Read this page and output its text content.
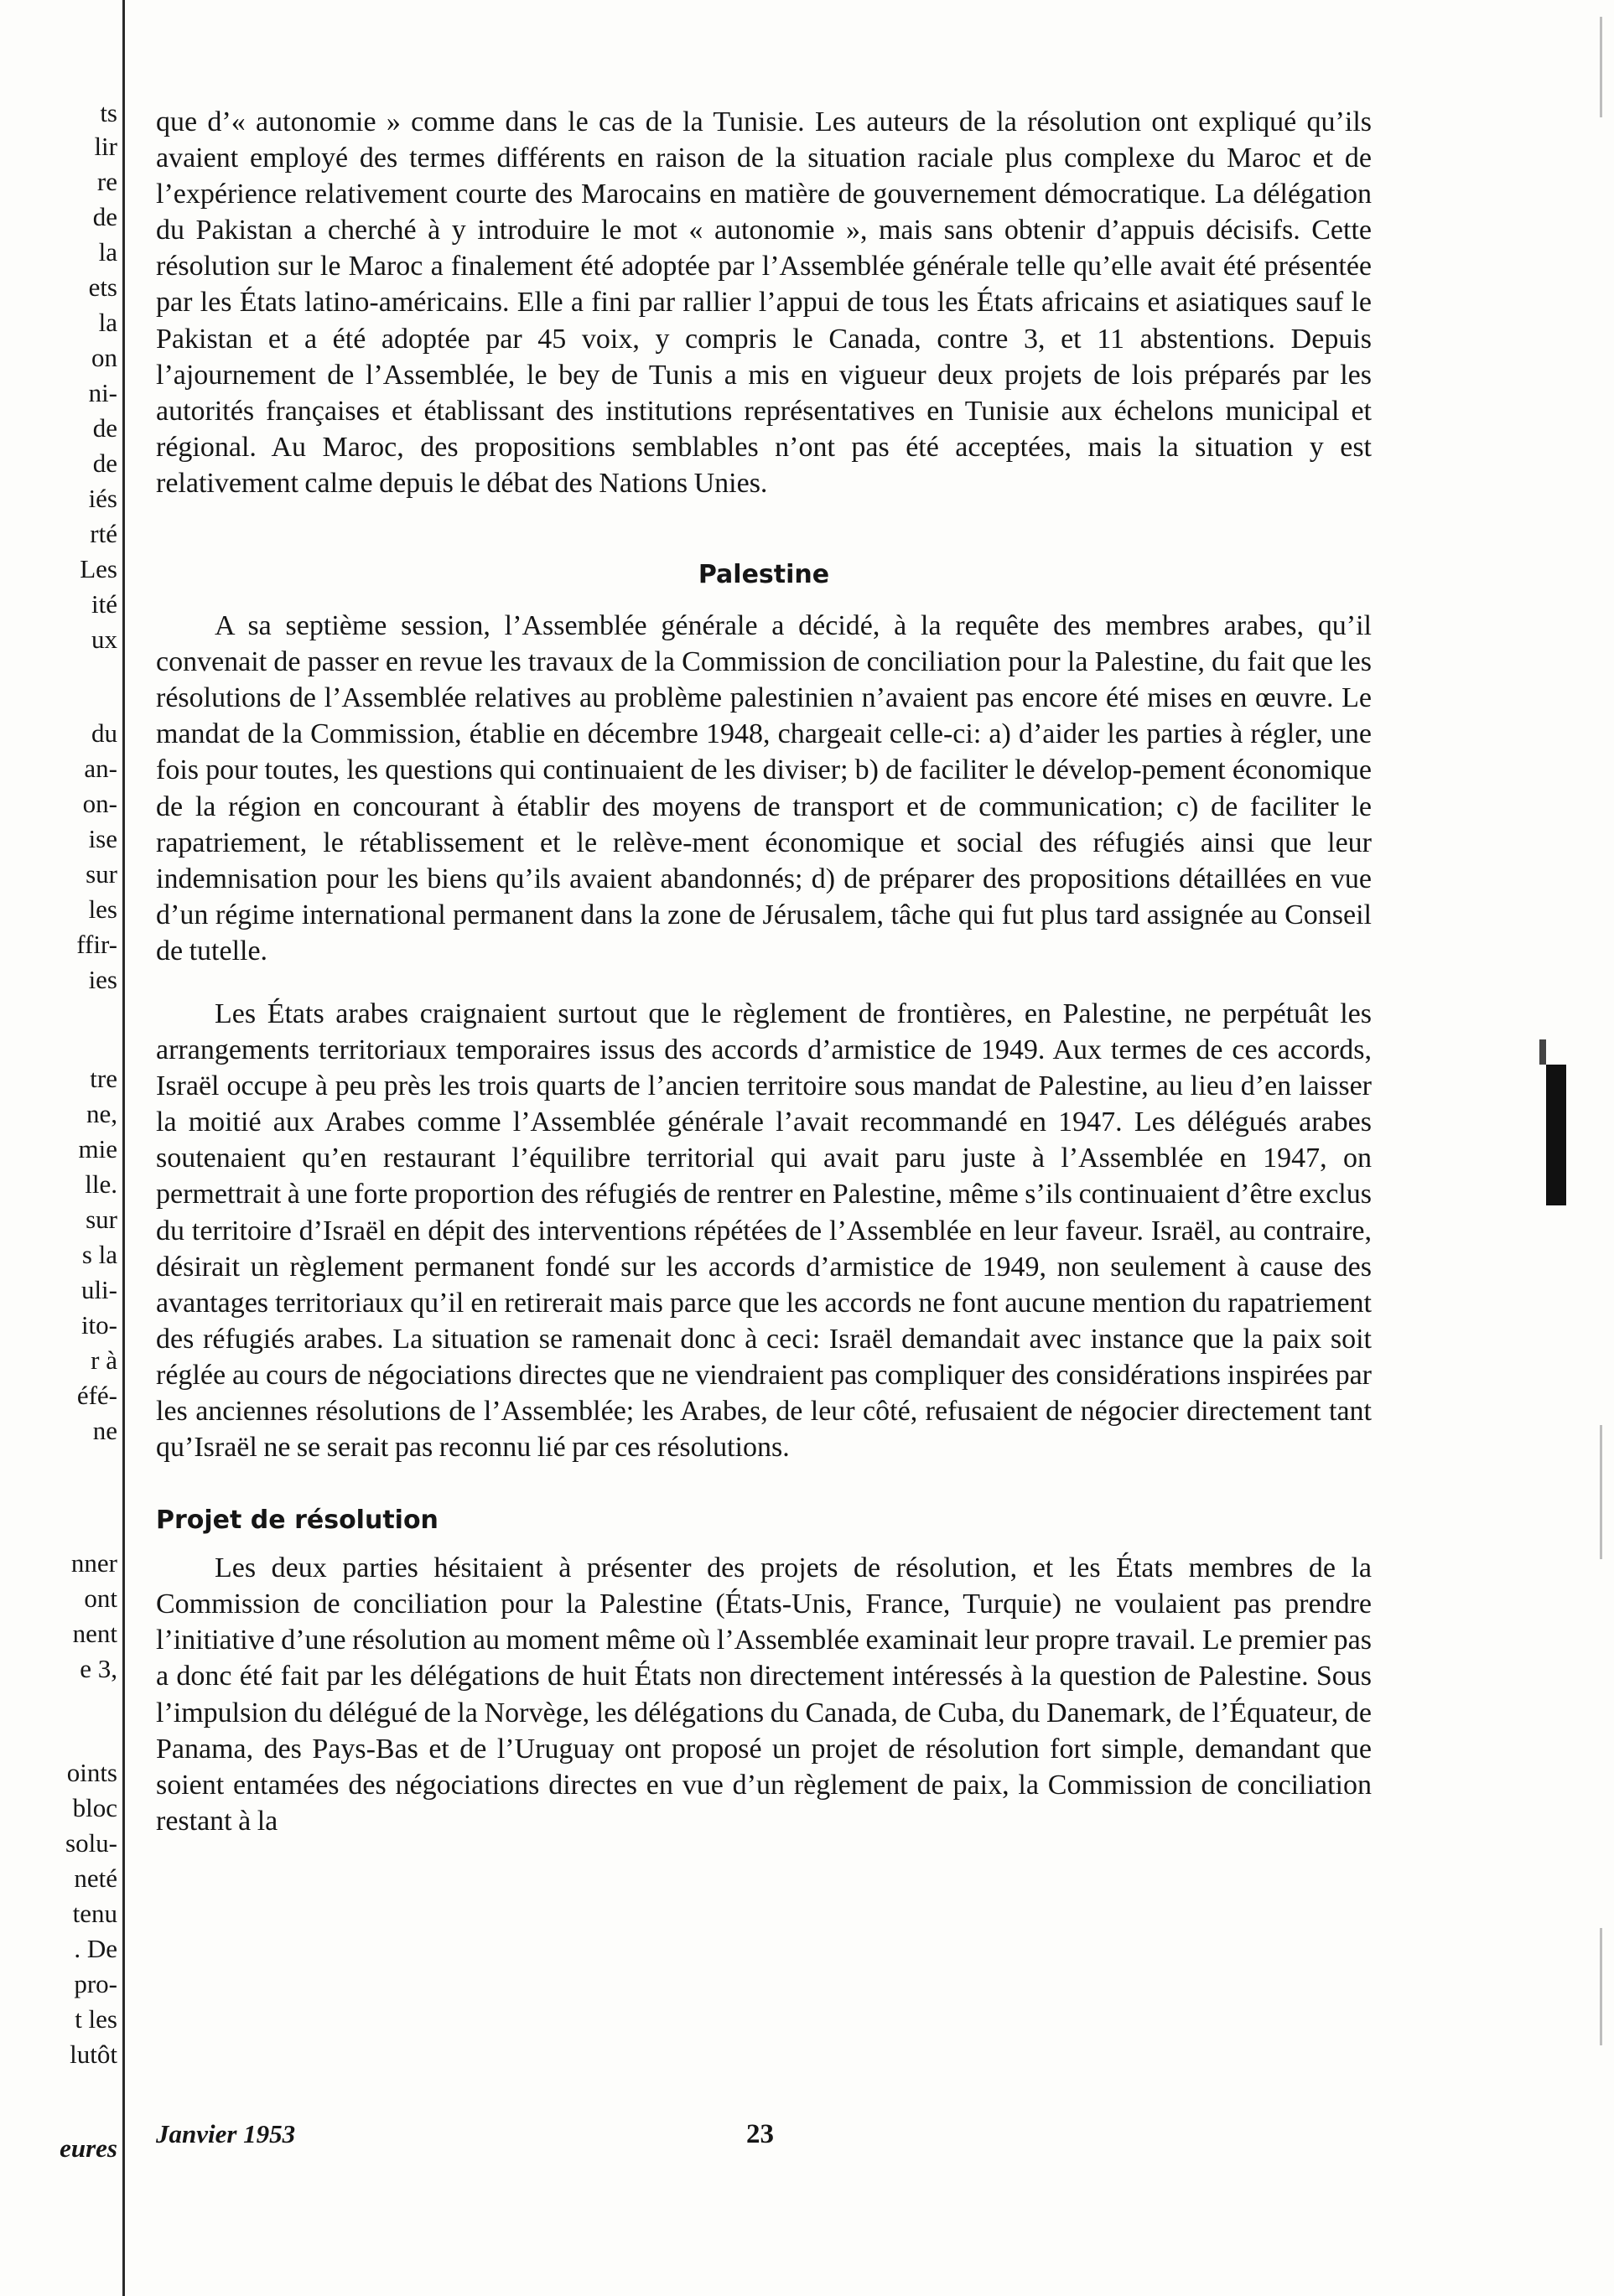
ts
lir
re
de
la
ets
la
on
ni-
de
de
iés
rté
Les
ité
ux
du
an-
on-
ise
sur
les
ffir-
ies
tre
ne,
mie
lle.
sur
s la
uli-
ito-
r à
éfé-
ne
nner
ont
nent
e 3,
oints
bloc
solu-
neté
tenu
. De
pro-
t les
lutôt
eures

que d’« autonomie » comme dans le cas de la Tunisie. Les auteurs de la résolution ont expliqué qu’ils avaient employé des termes différents en raison de la situation raciale plus complexe du Maroc et de l’expérience relativement courte des Marocains en matière de gouvernement démocratique. La délégation du Pakistan a cherché à y introduire le mot « autonomie », mais sans obtenir d’appuis décisifs. Cette résolution sur le Maroc a finalement été adoptée par l’Assemblée générale telle qu’elle avait été présentée par les États latino-américains. Elle a fini par rallier l’appui de tous les États africains et asiatiques sauf le Pakistan et a été adoptée par 45 voix, y compris le Canada, contre 3, et 11 abstentions. Depuis l’ajournement de l’Assemblée, le bey de Tunis a mis en vigueur deux projets de lois préparés par les autorités françaises et établissant des institutions représentatives en Tunisie aux échelons municipal et régional. Au Maroc, des propositions semblables n’ont pas été acceptées, mais la situation y est relativement calme depuis le débat des Nations Unies.

Palestine

A sa septième session, l’Assemblée générale a décidé, à la requête des membres arabes, qu’il convenait de passer en revue les travaux de la Commission de conciliation pour la Palestine, du fait que les résolutions de l’Assemblée relatives au problème palestinien n’avaient pas encore été mises en œuvre. Le mandat de la Commission, établie en décembre 1948, chargeait celle-ci: a) d’aider les parties à régler, une fois pour toutes, les questions qui continuaient de les diviser; b) de faciliter le dévelop-pement économique de la région en concourant à établir des moyens de transport et de communication; c) de faciliter le rapatriement, le rétablissement et le relève-ment économique et social des réfugiés ainsi que leur indemnisation pour les biens qu’ils avaient abandonnés; d) de préparer des propositions détaillées en vue d’un régime international permanent dans la zone de Jérusalem, tâche qui fut plus tard assignée au Conseil de tutelle.

Les États arabes craignaient surtout que le règlement de frontières, en Palestine, ne perpétuât les arrangements territoriaux temporaires issus des accords d’armistice de 1949. Aux termes de ces accords, Israël occupe à peu près les trois quarts de l’ancien territoire sous mandat de Palestine, au lieu d’en laisser la moitié aux Arabes comme l’Assemblée générale l’avait recommandé en 1947. Les délégués arabes soutenaient qu’en restaurant l’équilibre territorial qui avait paru juste à l’Assemblée en 1947, on permettrait à une forte proportion des réfugiés de rentrer en Palestine, même s’ils continuaient d’être exclus du territoire d’Israël en dépit des interventions répétées de l’Assemblée en leur faveur. Israël, au contraire, désirait un règlement permanent fondé sur les accords d’armistice de 1949, non seulement à cause des avantages territoriaux qu’il en retirerait mais parce que les accords ne font aucune mention du rapatriement des réfugiés arabes. La situation se ramenait donc à ceci: Israël demandait avec instance que la paix soit réglée au cours de négociations directes que ne viendraient pas compliquer des considérations inspirées par les anciennes résolutions de l’Assemblée; les Arabes, de leur côté, refusaient de négocier directement tant qu’Israël ne se serait pas reconnu lié par ces résolutions.

Projet de résolution

Les deux parties hésitaient à présenter des projets de résolution, et les États membres de la Commission de conciliation pour la Palestine (États-Unis, France, Turquie) ne voulaient pas prendre l’initiative d’une résolution au moment même où l’Assemblée examinait leur propre travail. Le premier pas a donc été fait par les délégations de huit États non directement intéressés à la question de Palestine. Sous l’impulsion du délégué de la Norvège, les délégations du Canada, de Cuba, du Danemark, de l’Équateur, de Panama, des Pays-Bas et de l’Uruguay ont proposé un projet de résolution fort simple, demandant que soient entamées des négociations directes en vue d’un règlement de paix, la Commission de conciliation restant à la

Janvier 1953	23
